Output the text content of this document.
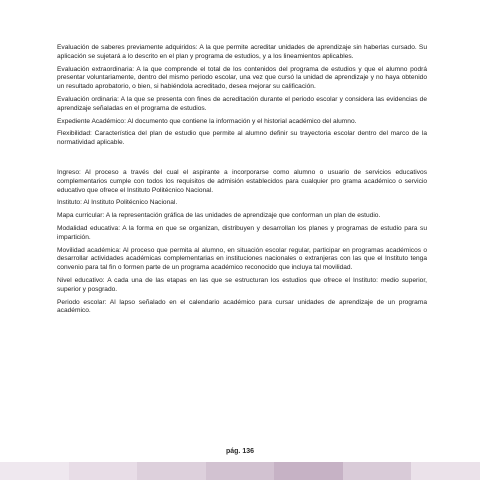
Evaluación de saberes previamente adquiridos: A la que permite acreditar unidades de aprendizaje sin haberlas cursado. Su aplicación se sujetará a lo descrito en el plan y programa de estudios, y a los lineamientos aplicables.

Evaluación extraordinaria: A la que comprende el total de los contenidos del programa de estudios y que el alumno podrá presentar voluntariamente, dentro del mismo periodo escolar, una vez que cursó la unidad de aprendizaje y no haya obtenido un resultado aprobatorio, o bien, si habiéndola acreditado, desea mejorar su calificación.

Evaluación ordinaria: A la que se presenta con fines de acreditación durante el periodo escolar y considera las evidencias de aprendizaje señaladas en el programa de estudios.

Expediente Académico: Al documento que contiene la información y el historial académico del alumno.

Flexibilidad: Característica del plan de estudio que permite al alumno definir su trayectoria escolar dentro del marco de la normatividad aplicable.

Ingreso: Al proceso a través del cual el aspirante a incorporarse como alumno o usuario de servicios educativos complementarios cumple con todos los requisitos de admisión establecidos para cualquier pro grama académico o servicio educativo que ofrece el Instituto Politécnico Nacional.

Instituto: Al Instituto Politécnico Nacional.

Mapa curricular: A la representación gráfica de las unidades de aprendizaje que conforman un plan de estudio.

Modalidad educativa: A la forma en que se organizan, distribuyen y desarrollan los planes y programas de estudio para su impartición.

Movilidad académica: Al proceso que permita al alumno, en situación escolar regular, participar en programas académicos o desarrollar actividades académicas complementarias en instituciones nacionales o extranjeras con las que el Instituto tenga convenio para tal fin o formen parte de un programa académico reconocido que incluya tal movilidad.

Nivel educativo: A cada una de las etapas en las que se estructuran los estudios que ofrece el Instituto: medio superior, superior y posgrado.

Periodo escolar: Al lapso señalado en el calendario académico para cursar unidades de aprendizaje de un programa académico.

pág. 136
